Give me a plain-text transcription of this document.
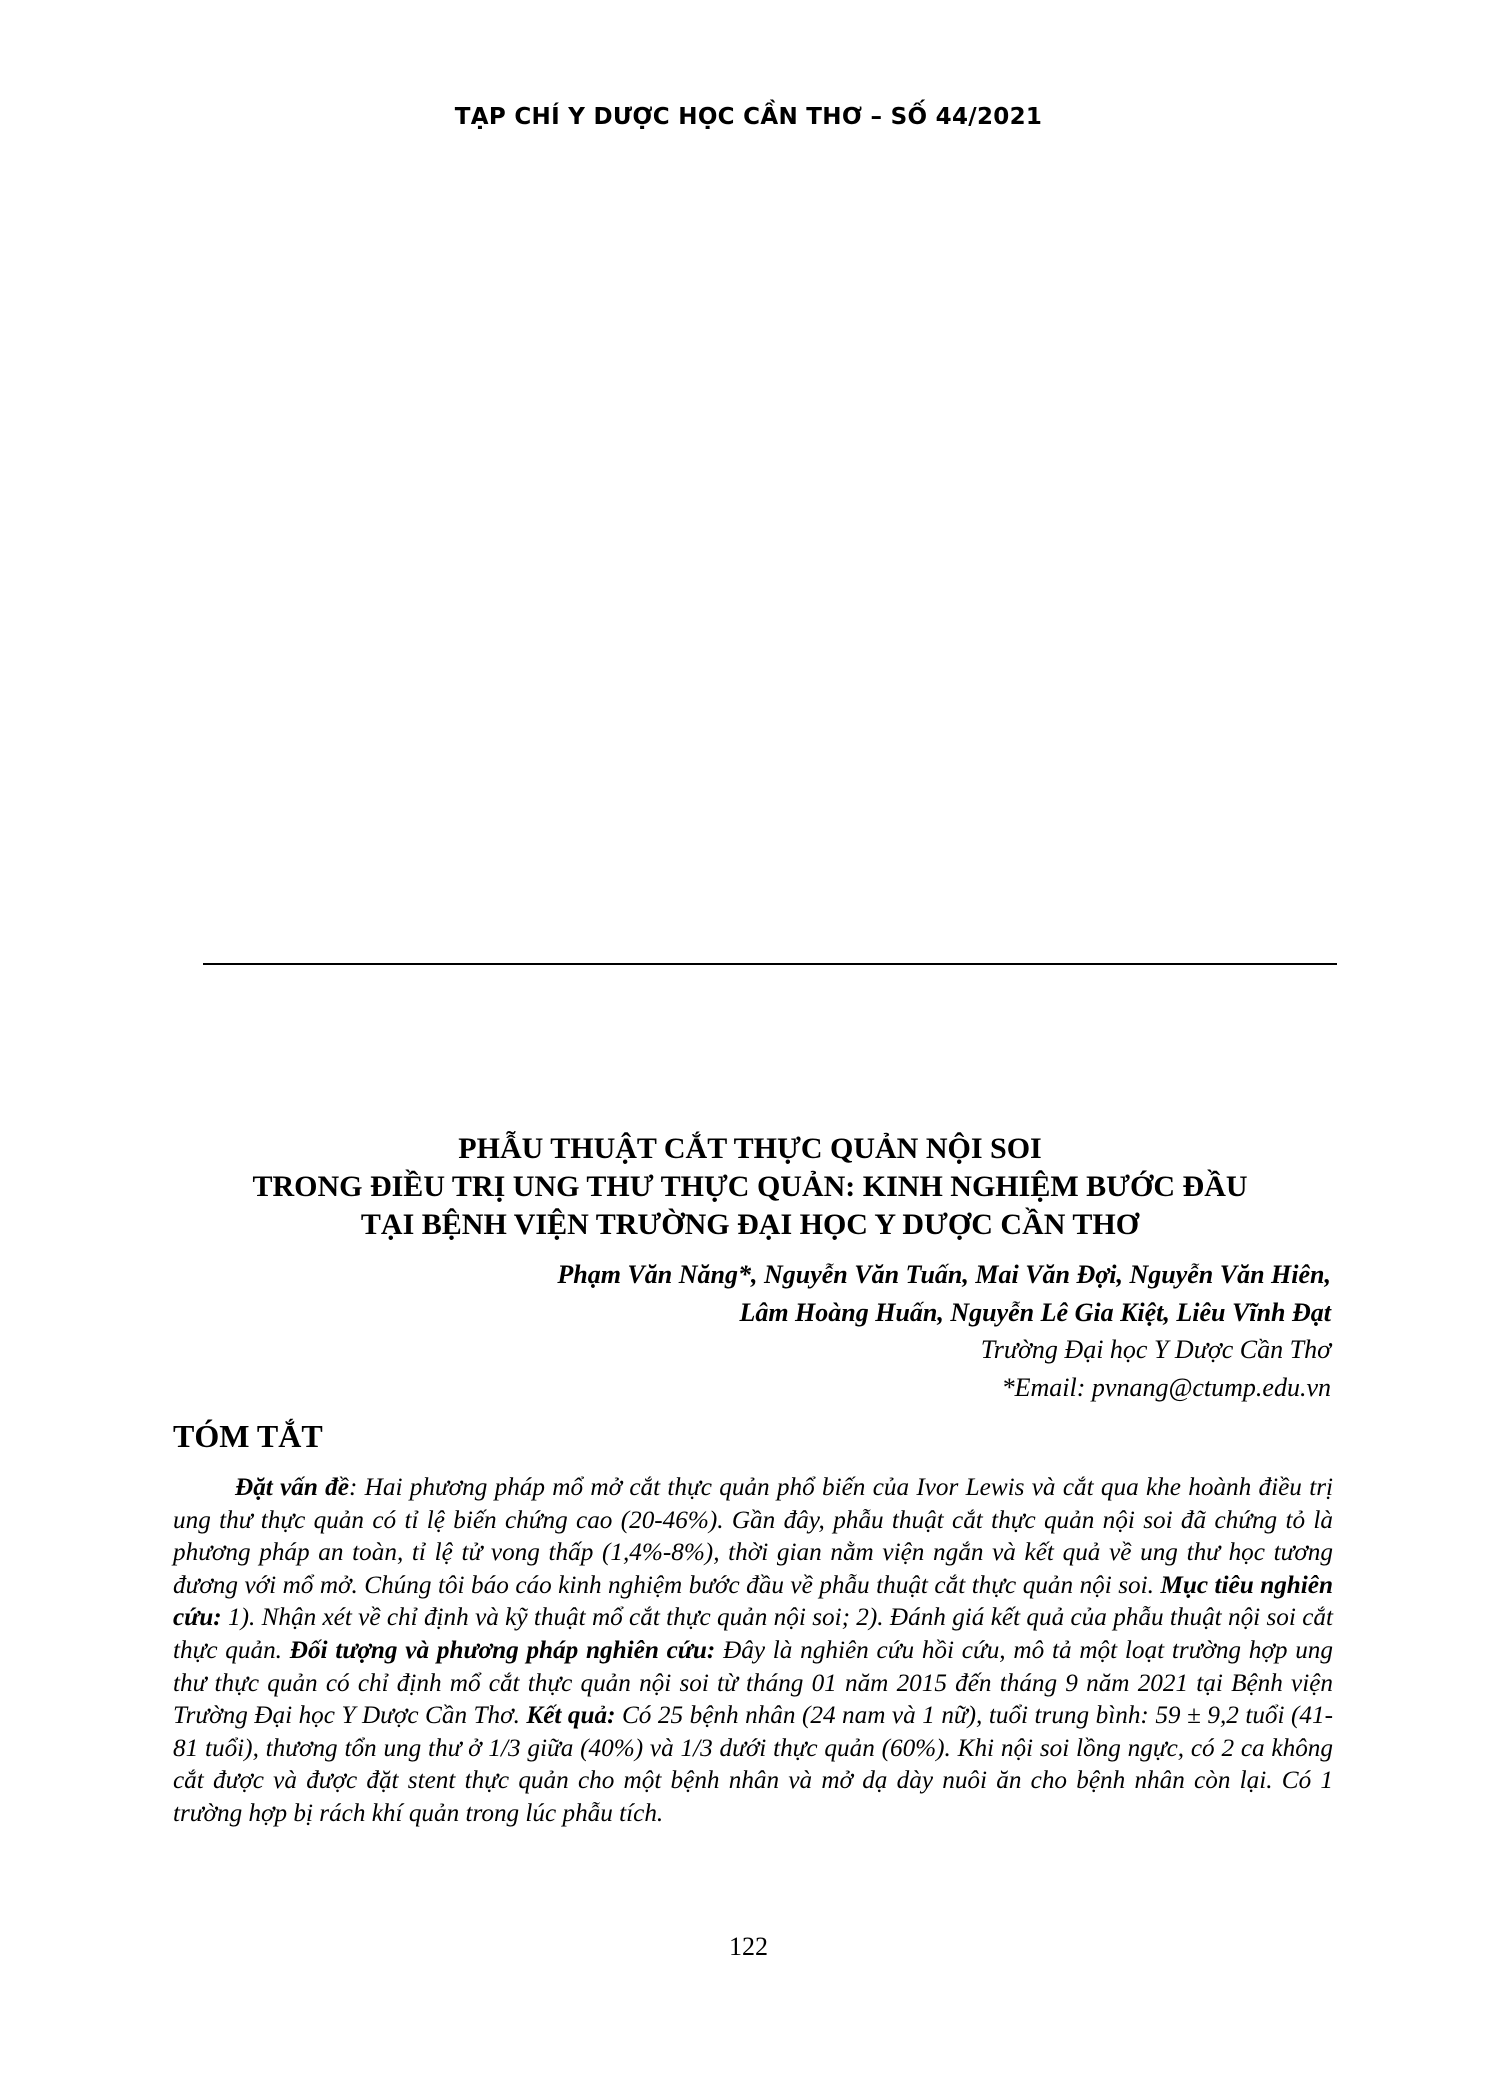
TẠP CHÍ Y DƯỢC HỌC CẦN THƠ – SỐ 44/2021
PHẪU THUẬT CẮT THỰC QUẢN NỘI SOI
TRONG ĐIỀU TRỊ UNG THƯ THỰC QUẢN: KINH NGHIỆM BƯỚC ĐẦU
TẠI BỆNH VIỆN TRƯỜNG ĐẠI HỌC Y DƯỢC CẦN THƠ
Phạm Văn Năng*, Nguyễn Văn Tuấn, Mai Văn Đợi, Nguyễn Văn Hiên,
Lâm Hoàng Huấn, Nguyễn Lê Gia Kiệt, Liêu Vĩnh Đạt
Trường Đại học Y Dược Cần Thơ
*Email: pvnang@ctump.edu.vn
TÓM TẮT
Đặt vấn đề: Hai phương pháp mổ mở cắt thực quản phổ biến của Ivor Lewis và cắt qua khe hoành điều trị ung thư thực quản có tỉ lệ biến chứng cao (20-46%). Gần đây, phẫu thuật cắt thực quản nội soi đã chứng tỏ là phương pháp an toàn, tỉ lệ tử vong thấp (1,4%-8%), thời gian nằm viện ngắn và kết quả về ung thư học tương đương với mổ mở. Chúng tôi báo cáo kinh nghiệm bước đầu về phẫu thuật cắt thực quản nội soi. Mục tiêu nghiên cứu: 1). Nhận xét về chỉ định và kỹ thuật mổ cắt thực quản nội soi; 2). Đánh giá kết quả của phẫu thuật nội soi cắt thực quản. Đối tượng và phương pháp nghiên cứu: Đây là nghiên cứu hồi cứu, mô tả một loạt trường hợp ung thư thực quản có chỉ định mổ cắt thực quản nội soi từ tháng 01 năm 2015 đến tháng 9 năm 2021 tại Bệnh viện Trường Đại học Y Dược Cần Thơ. Kết quả: Có 25 bệnh nhân (24 nam và 1 nữ), tuổi trung bình: 59 ± 9,2 tuổi (41-81 tuổi), thương tổn ung thư ở 1/3 giữa (40%) và 1/3 dưới thực quản (60%). Khi nội soi lồng ngực, có 2 ca không cắt được và được đặt stent thực quản cho một bệnh nhân và mở dạ dày nuôi ăn cho bệnh nhân còn lại. Có 1 trường hợp bị rách khí quản trong lúc phẫu tích.
122
